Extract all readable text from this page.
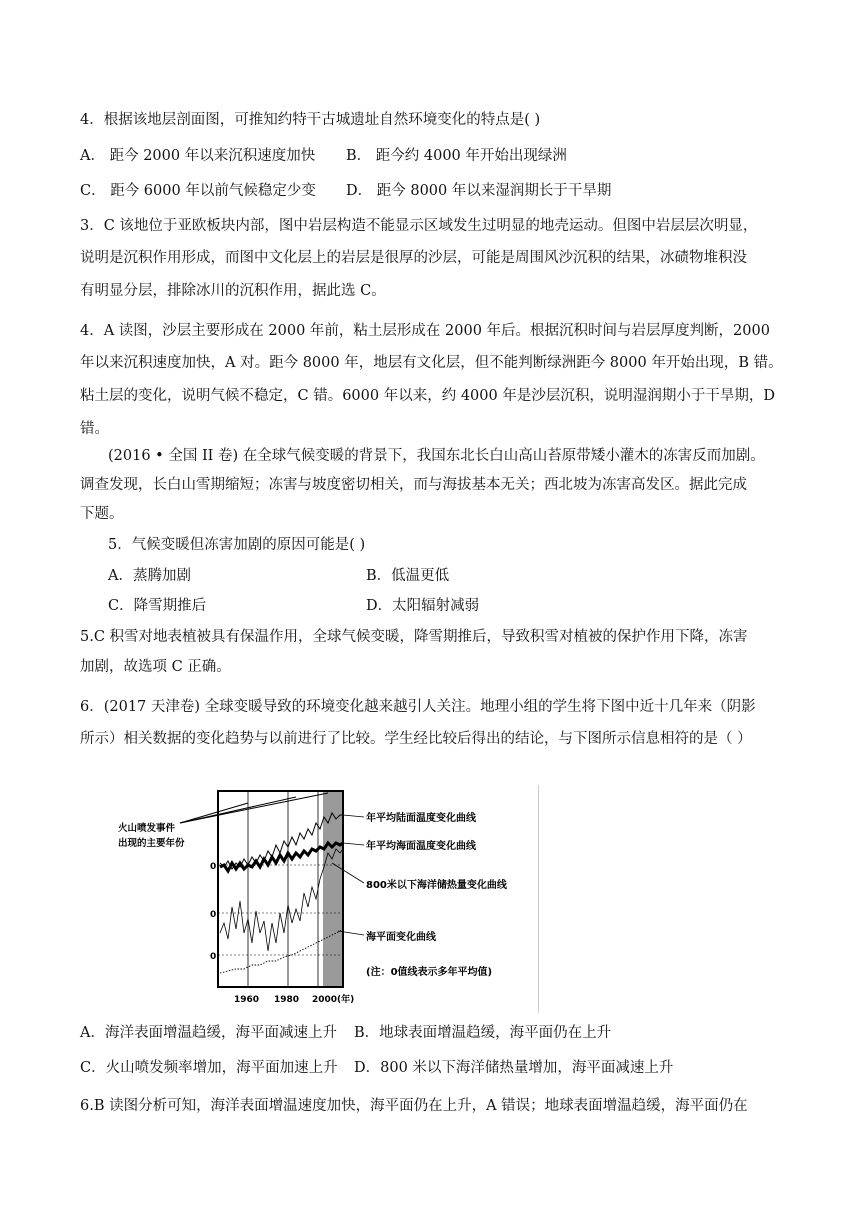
4．根据该地层剖面图，可推知约特干古城遗址自然环境变化的特点是( )
A． 距今 2000 年以来沉积速度加快 B． 距今约 4000 年开始出现绿洲
C． 距今 6000 年以前气候稳定少变 D． 距今 8000 年以来湿润期长于干旱期
3．C 该地位于亚欧板块内部，图中岩层构造不能显示区域发生过明显的地壳运动。但图中岩层层次明显，
说明是沉积作用形成，而图中文化层上的岩层是很厚的沙层，可能是周围风沙沉积的结果，冰碛物堆积没
有明显分层，排除冰川的沉积作用，据此选 C。
4．A 读图，沙层主要形成在 2000 年前，粘土层形成在 2000 年后。根据沉积时间与岩层厚度判断，2000
年以来沉积速度加快，A 对。距今 8000 年，地层有文化层，但不能判断绿洲距今 8000 年开始出现，B 错。
粘土层的变化，说明气候不稳定，C 错。6000 年以来，约 4000 年是沙层沉积，说明湿润期小于干旱期，D
错。
(2016 • 全国 II 卷) 在全球气候变暖的背景下，我国东北长白山高山苔原带矮小灌木的冻害反而加剧。
调查发现，长白山雪期缩短；冻害与坡度密切相关，而与海拔基本无关；西北坡为冻害高发区。据此完成
下题。
5．气候变暖但冻害加剧的原因可能是( )
A．蒸腾加剧	B．低温更低
C．降雪期推后	D．太阳辐射减弱
5.C 积雪对地表植被具有保温作用，全球气候变暖，降雪期推后，导致积雪对植被的保护作用下降，冻害
加剧，故选项 C 正确。
6．(2017 天津卷) 全球变暖导致的环境变化越来越引人关注。地理小组的学生将下图中近十几年来（阴影
所示）相关数据的变化趋势与以前进行了比较。学生经比较后得出的结论，与下图所示信息相符的是（ ）
0
0
0
火山喷发事件
出现的主要年份
年平均陆面温度变化曲线
年平均海面温度变化曲线
800米以下海洋储热量变化曲线
海平面变化曲线
(注：0值线表示多年平均值)
1960 1980 2000(年)
A．海洋表面增温趋缓，海平面减速上升 B．地球表面增温趋缓，海平面仍在上升
C．火山喷发频率增加，海平面加速上升 D．800 米以下海洋储热量增加，海平面减速上升
6.B 读图分析可知，海洋表面增温速度加快，海平面仍在上升，A 错误；地球表面增温趋缓，海平面仍在
